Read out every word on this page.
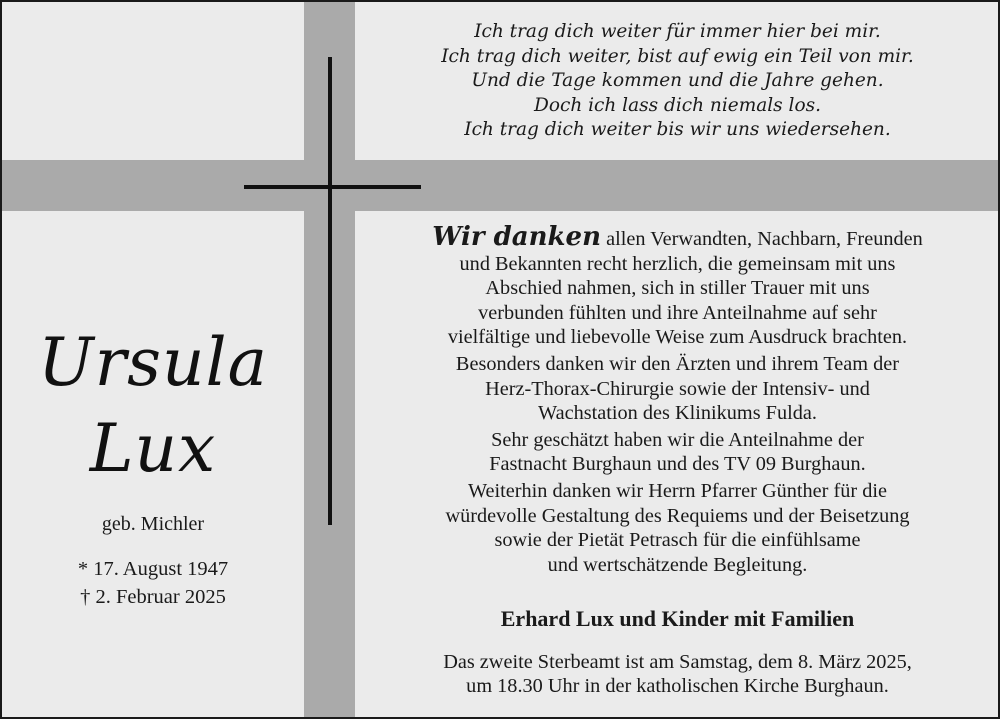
Ich trag dich weiter für immer hier bei mir.
Ich trag dich weiter, bist auf ewig ein Teil von mir.
Und die Tage kommen und die Jahre gehen.
Doch ich lass dich niemals los.
Ich trag dich weiter bis wir uns wiedersehen.
Ursula
Lux
geb. Michler
* 17. August 1947
† 2. Februar 2025
Wir danken allen Verwandten, Nachbarn, Freunden
und Bekannten recht herzlich, die gemeinsam mit uns
Abschied nahmen, sich in stiller Trauer mit uns
verbunden fühlten und ihre Anteilnahme auf sehr
vielfältige und liebevolle Weise zum Ausdruck brachten.
Besonders danken wir den Ärzten und ihrem Team der
Herz-Thorax-Chirurgie sowie der Intensiv- und
Wachstation des Klinikums Fulda.
Sehr geschätzt haben wir die Anteilnahme der
Fastnacht Burghaun und des TV 09 Burghaun.
Weiterhin danken wir Herrn Pfarrer Günther für die
würdevolle Gestaltung des Requiems und der Beisetzung
sowie der Pietät Petrasch für die einfühlsame
und wertschätzende Begleitung.
Erhard Lux und Kinder mit Familien
Das zweite Sterbeamt ist am Samstag, dem 8. März 2025,
um 18.30 Uhr in der katholischen Kirche Burghaun.
